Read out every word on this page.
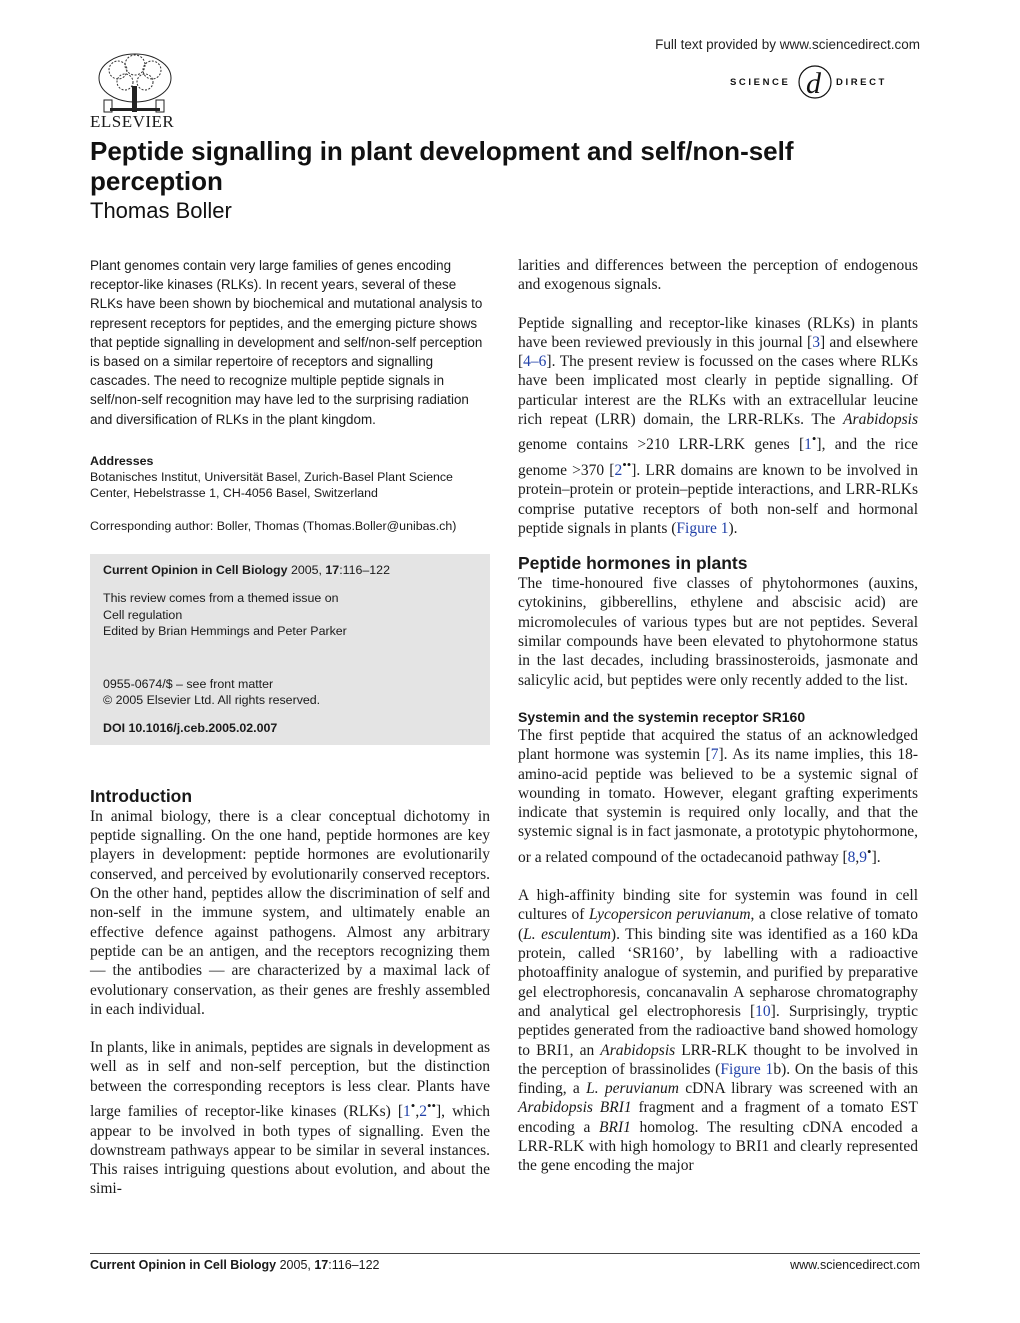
ELSEVIER
Full text provided by www.sciencedirect.com
SCIENCE d DIRECT
Peptide signalling in plant development and self/non-self perception
Thomas Boller

Plant genomes contain very large families of genes encoding receptor-like kinases (RLKs). In recent years, several of these RLKs have been shown by biochemical and mutational analysis to represent receptors for peptides, and the emerging picture shows that peptide signalling in development and self/non-self perception is based on a similar repertoire of receptors and signalling cascades. The need to recognize multiple peptide signals in self/non-self recognition may have led to the surprising radiation and diversification of RLKs in the plant kingdom.

Addresses

Botanisches Institut, Universität Basel, Zurich-Basel Plant Science Center, Hebelstrasse 1, CH-4056 Basel, Switzerland

Corresponding author: Boller, Thomas (Thomas.Boller@unibas.ch)

Current Opinion in Cell Biology 2005, 17:116–122

This review comes from a themed issue on

Cell regulation

Edited by Brian Hemmings and Peter Parker

0955-0674/$ – see front matter

© 2005 Elsevier Ltd. All rights reserved.

DOI 10.1016/j.ceb.2005.02.007

Introduction

In animal biology, there is a clear conceptual dichotomy in peptide signalling. On the one hand, peptide hormones are key players in development: peptide hormones are evolutionarily conserved, and perceived by evolutionarily conserved receptors. On the other hand, peptides allow the discrimination of self and non-self in the immune system, and ultimately enable an effective defence against pathogens. Almost any arbitrary peptide can be an antigen, and the receptors recognizing them — the antibodies — are characterized by a maximal lack of evolutionary conservation, as their genes are freshly assembled in each individual.

In plants, like in animals, peptides are signals in development as well as in self and non-self perception, but the distinction between the corresponding receptors is less clear. Plants have large families of receptor-like kinases (RLKs) [1•,2••], which appear to be involved in both types of signalling. Even the downstream pathways appear to be similar in several instances. This raises intriguing questions about evolution, and about the simi-

larities and differences between the perception of endogenous and exogenous signals.

Peptide signalling and receptor-like kinases (RLKs) in plants have been reviewed previously in this journal [3] and elsewhere [4–6]. The present review is focussed on the cases where RLKs have been implicated most clearly in peptide signalling. Of particular interest are the RLKs with an extracellular leucine rich repeat (LRR) domain, the LRR-RLKs. The Arabidopsis genome contains >210 LRR-LRK genes [1•], and the rice genome >370 [2••]. LRR domains are known to be involved in protein–protein or protein–peptide interactions, and LRR-RLKs comprise putative receptors of both non-self and hormonal peptide signals in plants (Figure 1).

Peptide hormones in plants

The time-honoured five classes of phytohormones (auxins, cytokinins, gibberellins, ethylene and abscisic acid) are micromolecules of various types but are not peptides. Several similar compounds have been elevated to phytohormone status in the last decades, including brassinosteroids, jasmonate and salicylic acid, but peptides were only recently added to the list.

Systemin and the systemin receptor SR160

The first peptide that acquired the status of an acknowledged plant hormone was systemin [7]. As its name implies, this 18-amino-acid peptide was believed to be a systemic signal of wounding in tomato. However, elegant grafting experiments indicate that systemin is required only locally, and that the systemic signal is in fact jasmonate, a prototypic phytohormone, or a related compound of the octadecanoid pathway [8,9•].

A high-affinity binding site for systemin was found in cell cultures of Lycopersicon peruvianum, a close relative of tomato (L. esculentum). This binding site was identified as a 160 kDa protein, called ‘SR160’, by labelling with a radioactive photoaffinity analogue of systemin, and purified by preparative gel electrophoresis, concanavalin A sepharose chromatography and analytical gel electrophoresis [10]. Surprisingly, tryptic peptides generated from the radioactive band showed homology to BRI1, an Arabidopsis LRR-RLK thought to be involved in the perception of brassinolides (Figure 1b). On the basis of this finding, a L. peruvianum cDNA library was screened with an Arabidopsis BRI1 fragment and a fragment of a tomato EST encoding a BRI1 homolog. The resulting cDNA encoded a LRR-RLK with high homology to BRI1 and clearly represented the gene encoding the major

Current Opinion in Cell Biology 2005, 17:116–122	www.sciencedirect.com
